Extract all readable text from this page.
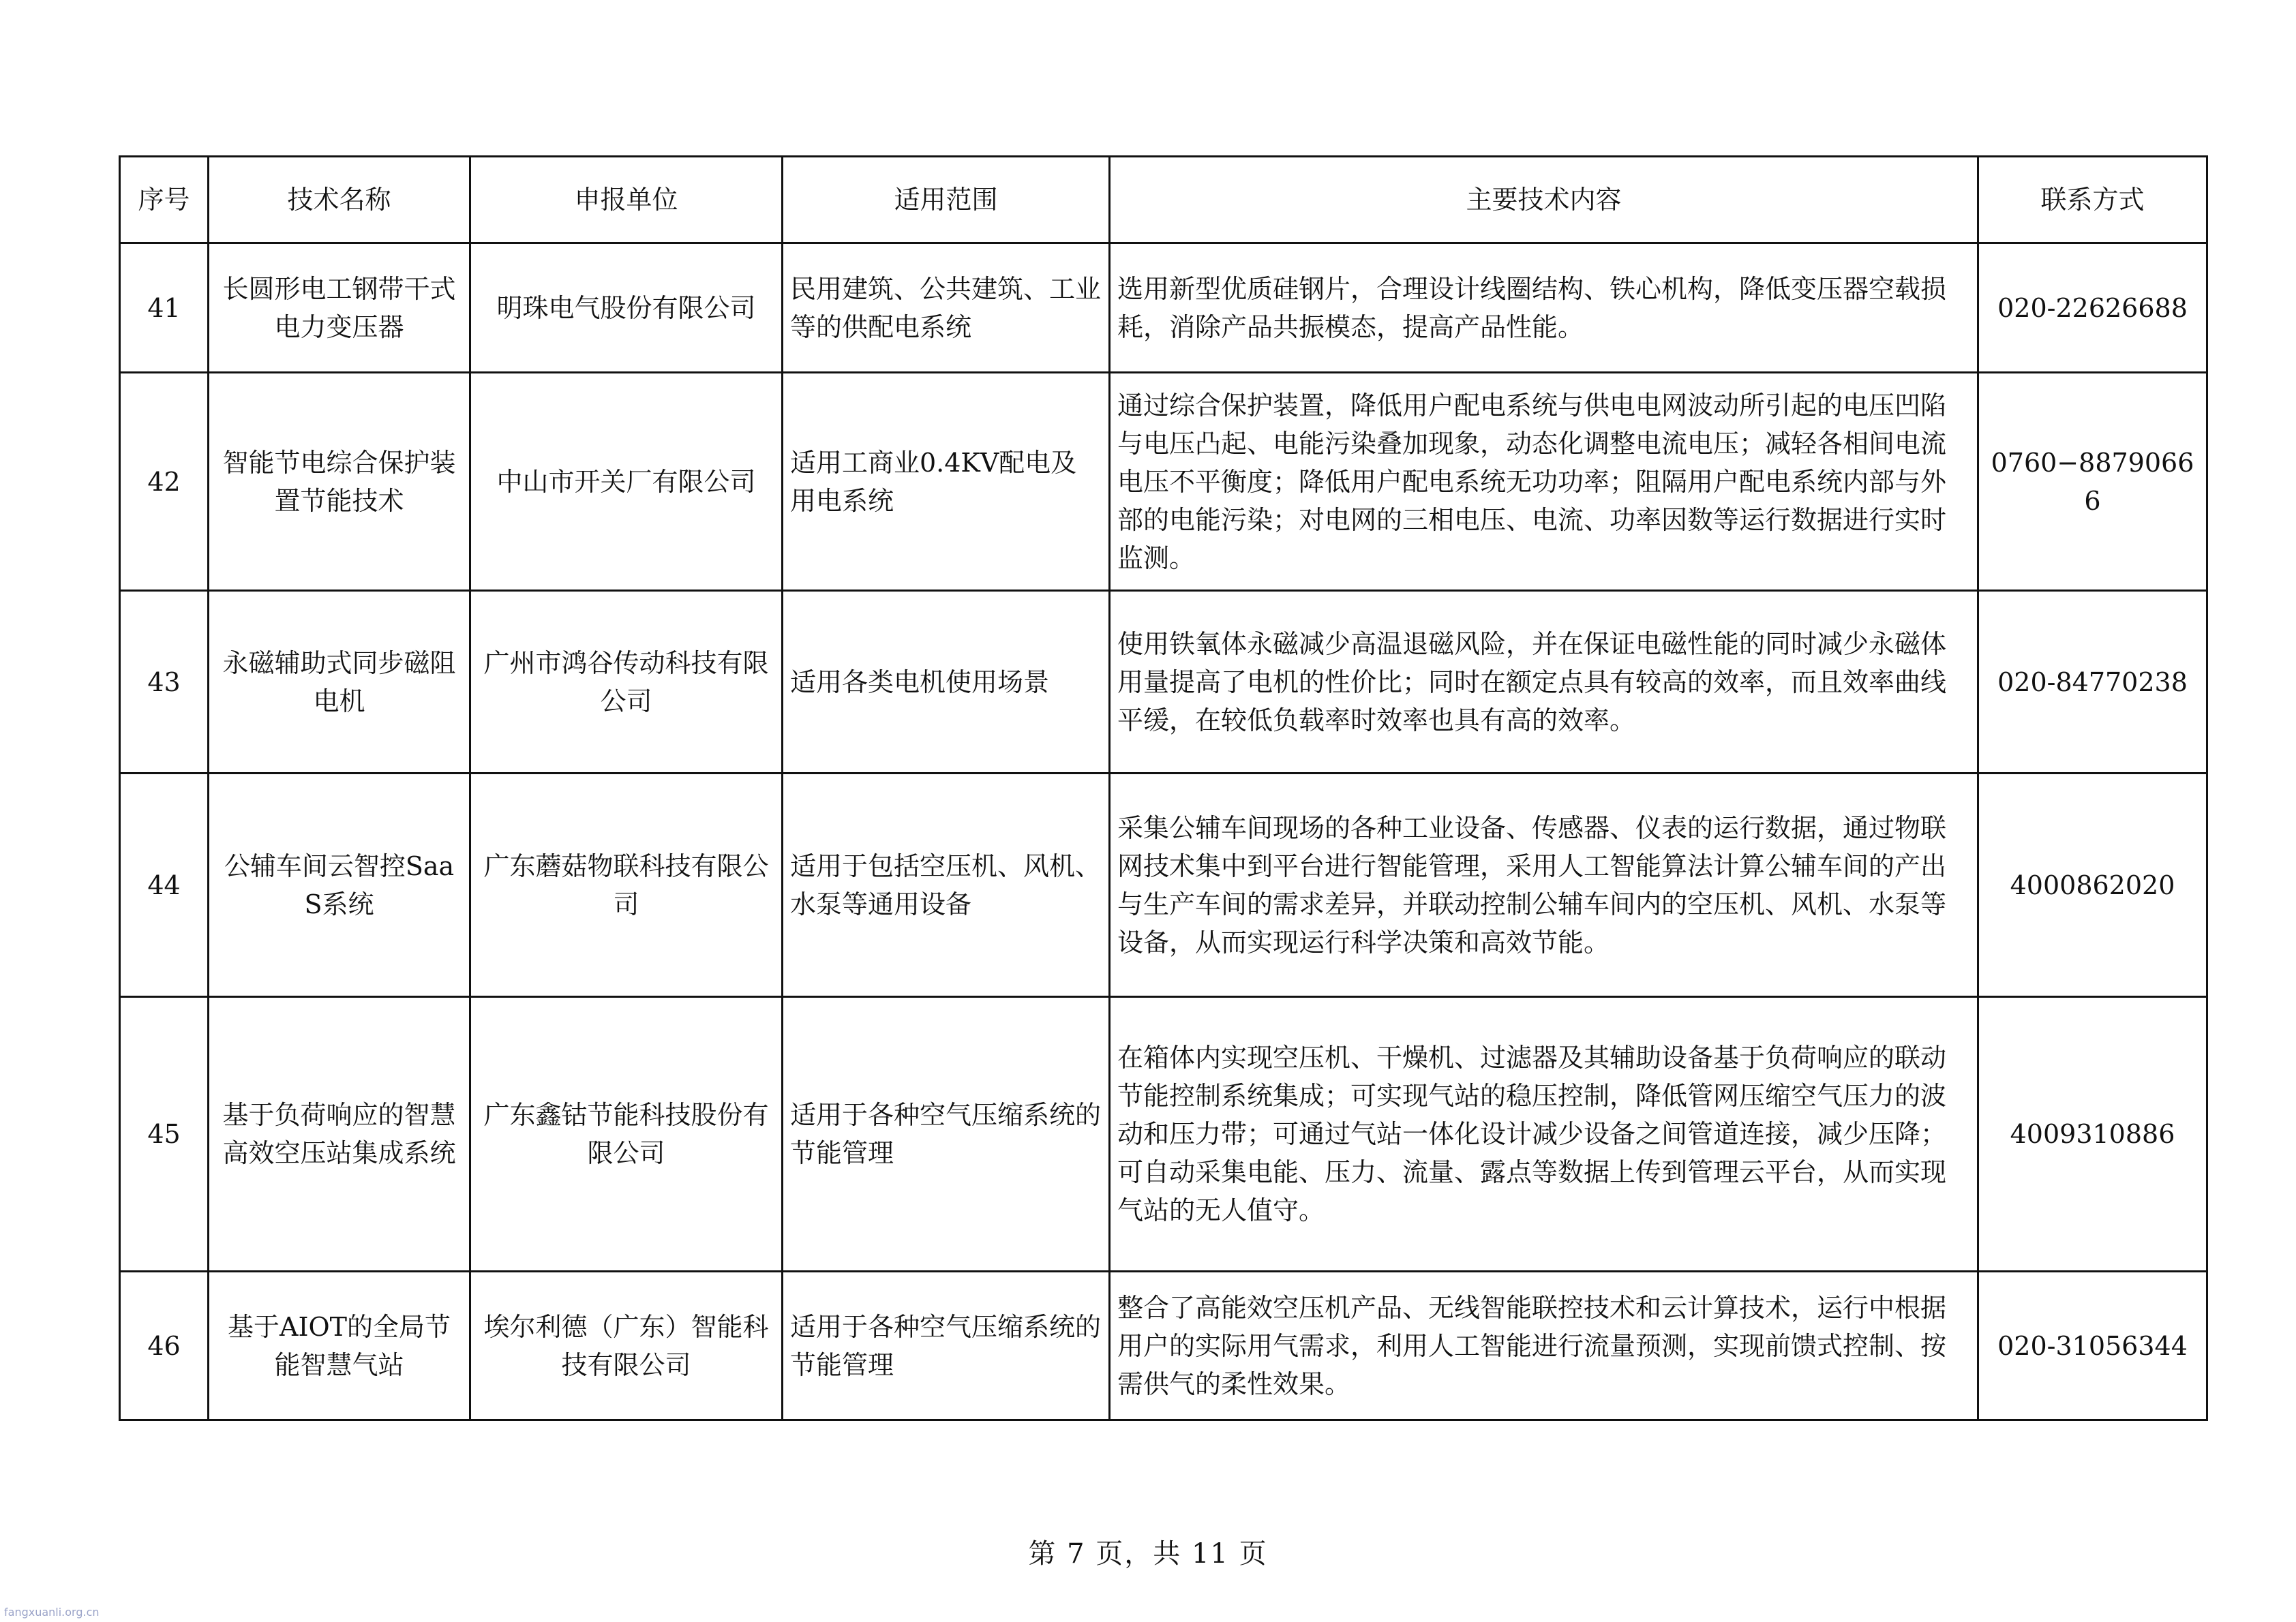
序号	技术名称	申报单位	适用范围	主要技术内容	联系方式
41	长圆形电工钢带干式电力变压器	明珠电气股份有限公司	民用建筑、公共建筑、工业等的供配电系统	选用新型优质硅钢片，合理设计线圈结构、铁心机构，降低变压器空载损耗，消除产品共振模态，提高产品性能。	020-22626688
42	智能节电综合保护装置节能技术	中山市开关厂有限公司	适用工商业0.4KV配电及用电系统	通过综合保护装置，降低用户配电系统与供电电网波动所引起的电压凹陷与电压凸起、电能污染叠加现象，动态化调整电流电压；减轻各相间电流电压不平衡度；降低用户配电系统无功功率；阻隔用户配电系统内部与外部的电能污染；对电网的三相电压、电流、功率因数等运行数据进行实时监测。	0760−88790666
43	永磁辅助式同步磁阻电机	广州市鸿谷传动科技有限公司	适用各类电机使用场景	使用铁氧体永磁减少高温退磁风险，并在保证电磁性能的同时减少永磁体用量提高了电机的性价比；同时在额定点具有较高的效率，而且效率曲线平缓，在较低负载率时效率也具有高的效率。	020-84770238
44	公辅车间云智控SaaS系统	广东蘑菇物联科技有限公司	适用于包括空压机、风机、水泵等通用设备	采集公辅车间现场的各种工业设备、传感器、仪表的运行数据，通过物联网技术集中到平台进行智能管理，采用人工智能算法计算公辅车间的产出与生产车间的需求差异，并联动控制公辅车间内的空压机、风机、水泵等设备，从而实现运行科学决策和高效节能。	4000862020
45	基于负荷响应的智慧高效空压站集成系统	广东鑫钴节能科技股份有限公司	适用于各种空气压缩系统的节能管理	在箱体内实现空压机、干燥机、过滤器及其辅助设备基于负荷响应的联动节能控制系统集成；可实现气站的稳压控制，降低管网压缩空气压力的波动和压力带；可通过气站一体化设计减少设备之间管道连接，减少压降；可自动采集电能、压力、流量、露点等数据上传到管理云平台，从而实现气站的无人值守。	4009310886
46	基于AIOT的全局节能智慧气站	埃尔利德（广东）智能科技有限公司	适用于各种空气压缩系统的节能管理	整合了高能效空压机产品、无线智能联控技术和云计算技术，运行中根据用户的实际用气需求，利用人工智能进行流量预测，实现前馈式控制、按需供气的柔性效果。	020-31056344
第 7 页，共 11 页
fangxuanli.org.cn
